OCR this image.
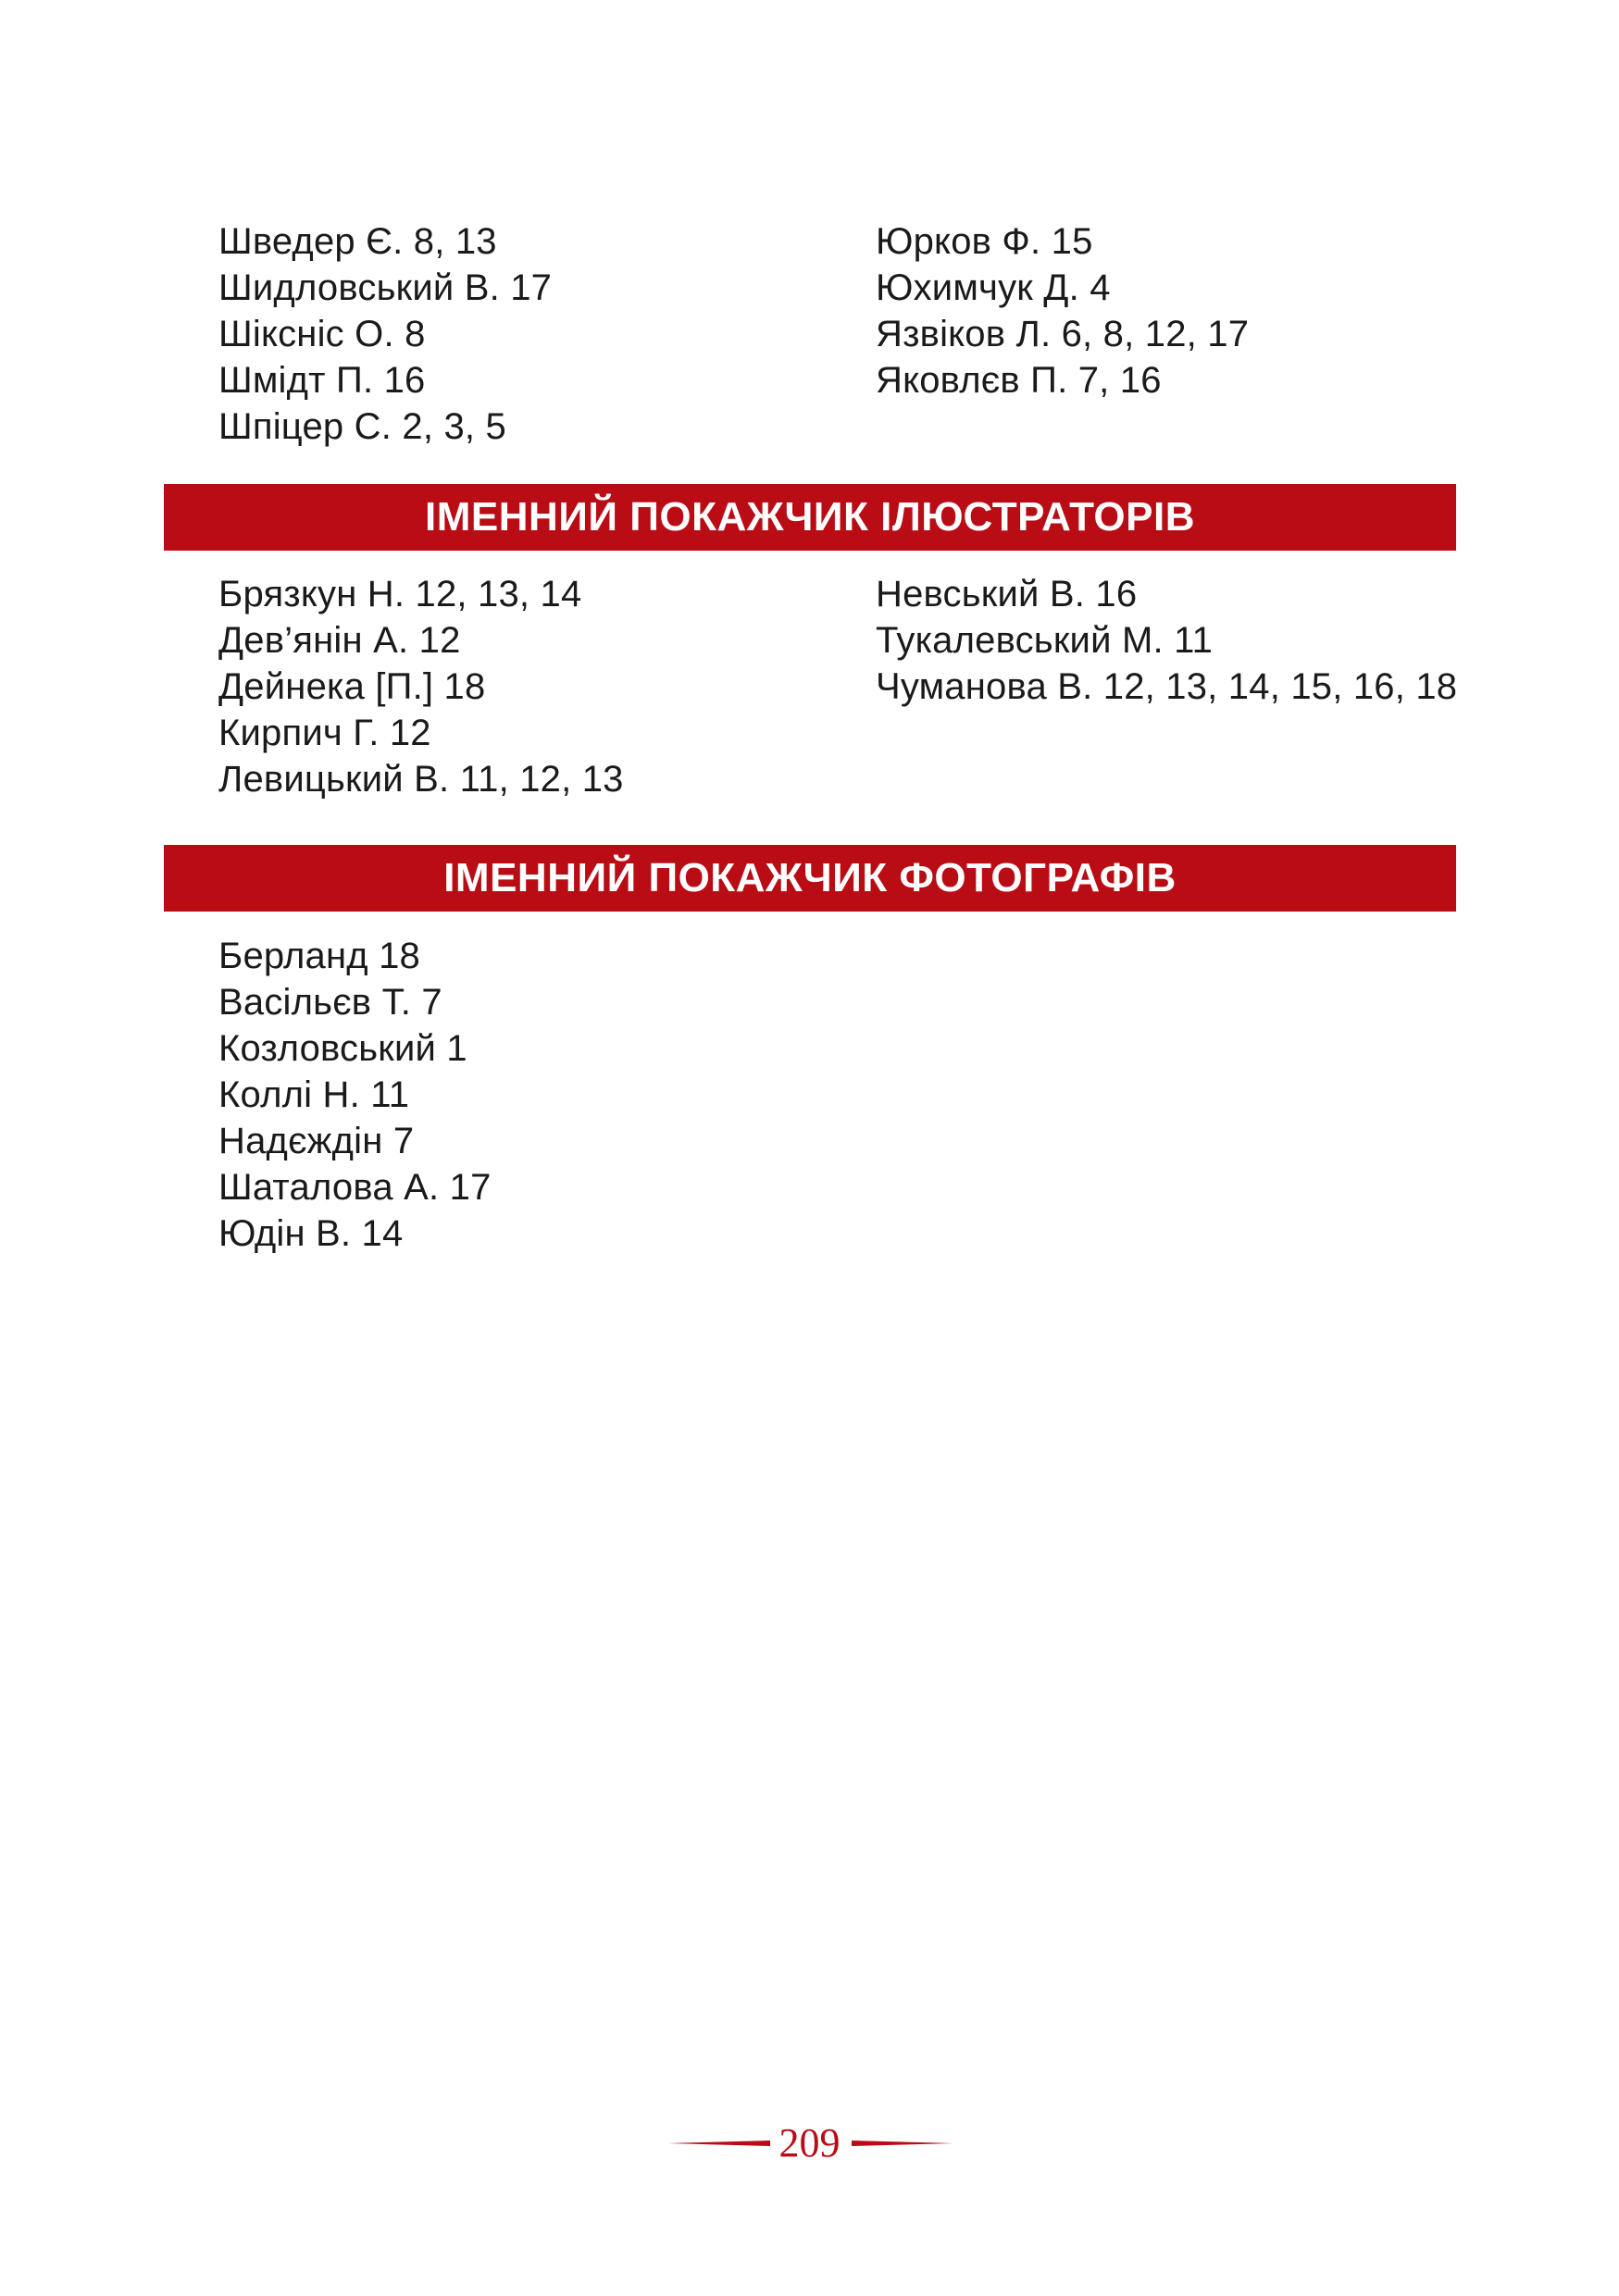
Шведер Є. 8, 13
Шидловський В. 17
Шікснiс О. 8
Шмідт П. 16
Шпіцер С. 2, 3, 5
Юрков Ф. 15
Юхимчук Д. 4
Язвіков Л. 6, 8, 12, 17
Яковлєв П. 7, 16
ІМЕННИЙ ПОКАЖЧИК ІЛЮСТРАТОРІВ
Брязкун Н. 12, 13, 14
Дев’янін А. 12
Дейнека [П.] 18
Кирпич Г. 12
Левицький В. 11, 12, 13
Невський В. 16
Тукалевський М. 11
Чуманова В. 12, 13, 14, 15, 16, 18
ІМЕННИЙ ПОКАЖЧИК ФОТОГРАФІВ
Берланд 18
Васільєв Т. 7
Козловський 1
Коллі Н. 11
Надєждін 7
Шаталова А. 17
Юдін В. 14
209
